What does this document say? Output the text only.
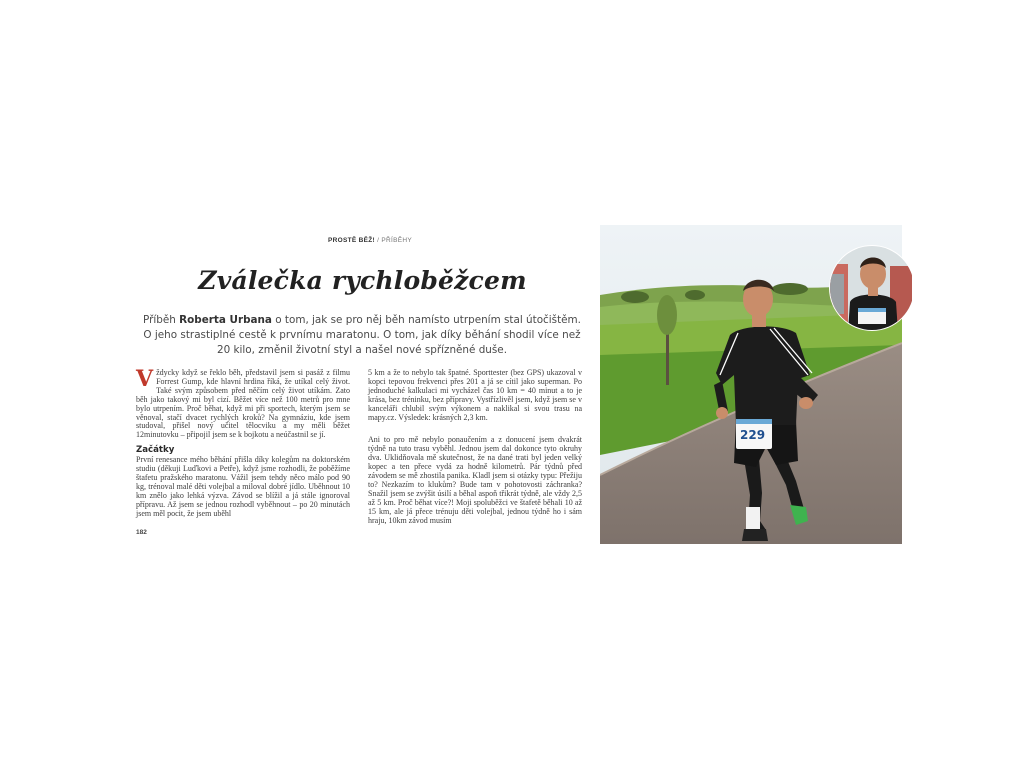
PROSTĚ BĚŽ! / PŘÍBĚHY
Zválečka rychloběžcem
Příběh Roberta Urbana o tom, jak se pro něj běh namísto utrpením stal útočištěm. O jeho strastiplné cestě k prvnímu maratonu. O tom, jak díky běhání shodil více než 20 kilo, změnil životní styl a našel nové spřízněné duše.

Vždycky když se řeklo běh, představil jsem si pasáž z filmu Forrest Gump, kde hlavní hrdina říká, že utíkal celý život. Také svým způsobem před něčím celý život utíkám. Zato běh jako takový mi byl cizí. Běžet více než 100 metrů pro mne bylo utrpením. Proč běhat, když mi při sportech, kterým jsem se věnoval, stačí dvacet rychlých kroků? Na gymnáziu, kde jsem studoval, přišel nový učitel tělocviku a my měli běžet 12minutovku – připojil jsem se k bojkotu a neúčastnil se jí.

Začátky

První renesance mého běhání přišla díky kolegům na doktorském studiu (děkuji Luďkovi a Petře), když jsme rozhodli, že poběžíme štafetu pražského maratonu. Vážil jsem tehdy něco málo pod 90 kg, trénoval malé děti volejbal a miloval dobré jídlo. Uběhnout 10 km znělo jako lehká výzva. Závod se blížil a já stále ignoroval přípravu. Až jsem se jednou rozhodl vyběhnout – po 20 minutách jsem měl pocit, že jsem uběhl

5 km a že to nebylo tak špatné. Sporttester (bez GPS) ukazoval v kopci tepovou frekvenci přes 201 a já se cítil jako superman. Po jednoduché kalkulaci mi vycházel čas 10 km = 40 minut a to je krása, bez tréninku, bez přípravy. Vystřízlivěl jsem, když jsem se v kanceláři chlubil svým výkonem a naklikal si svou trasu na mapy.cz. Výsledek: krásných 2,3 km.

Ani to pro mě nebylo ponaučením a z donucení jsem dvakrát týdně na tuto trasu vyběhl. Jednou jsem dal dokonce tyto okruhy dva. Uklidňovala mě skutečnost, že na dané trati byl jeden velký kopec a ten přece vydá za hodně kilometrů. Pár týdnů před závodem se mě zhostila panika. Kladl jsem si otázky typu: Přežiju to? Nezkazím to klukům? Bude tam v pohotovosti záchranka? Snažil jsem se zvýšit úsilí a běhal aspoň třikrát týdně, ale vždy 2,5 až 5 km. Proč běhat více?! Moji spoluběžci ve štafetě běhali 10 až 15 km, ale já přece trénuju děti volejbal, jednou týdně ho i sám hraju, 10km závod musím

182
229
